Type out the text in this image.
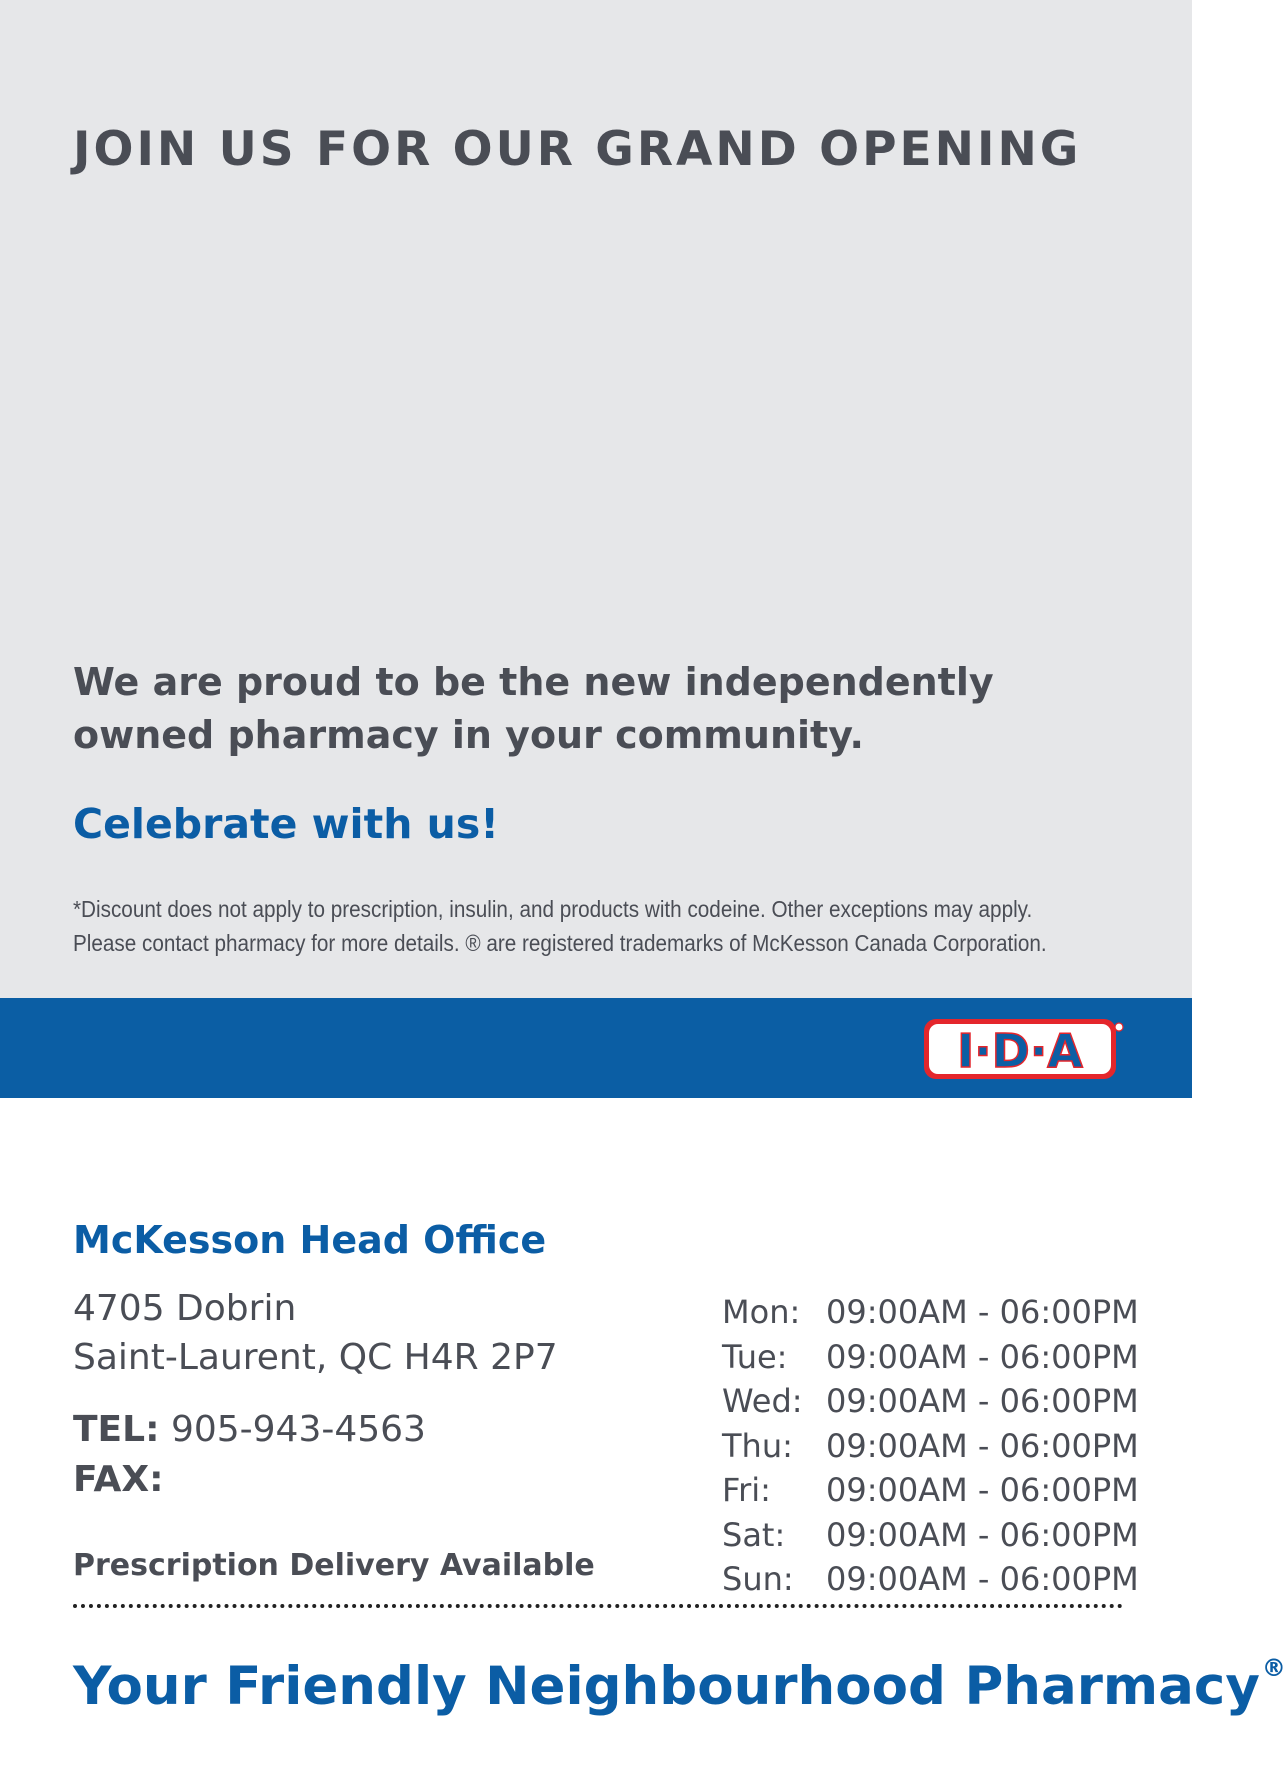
JOIN US FOR OUR GRAND OPENING
We are proud to be the new independently owned pharmacy in your community.
Celebrate with us!
*Discount does not apply to prescription, insulin, and products with codeine. Other exceptions may apply.
Please contact pharmacy for more details. ® are registered trademarks of McKesson Canada Corporation.
I·D·A
McKesson Head Office
4705 Dobrin
Saint-Laurent, QC H4R 2P7
TEL: 905-943-4563
FAX:
Prescription Delivery Available
Mon: 09:00AM - 06:00PM
Tue:	09:00AM - 06:00PM
Wed: 09:00AM - 06:00PM
Thu:	09:00AM - 06:00PM
Fri:	09:00AM - 06:00PM
Sat:	09:00AM - 06:00PM
Sun:	09:00AM - 06:00PM
Your Friendly Neighbourhood Pharmacy®
